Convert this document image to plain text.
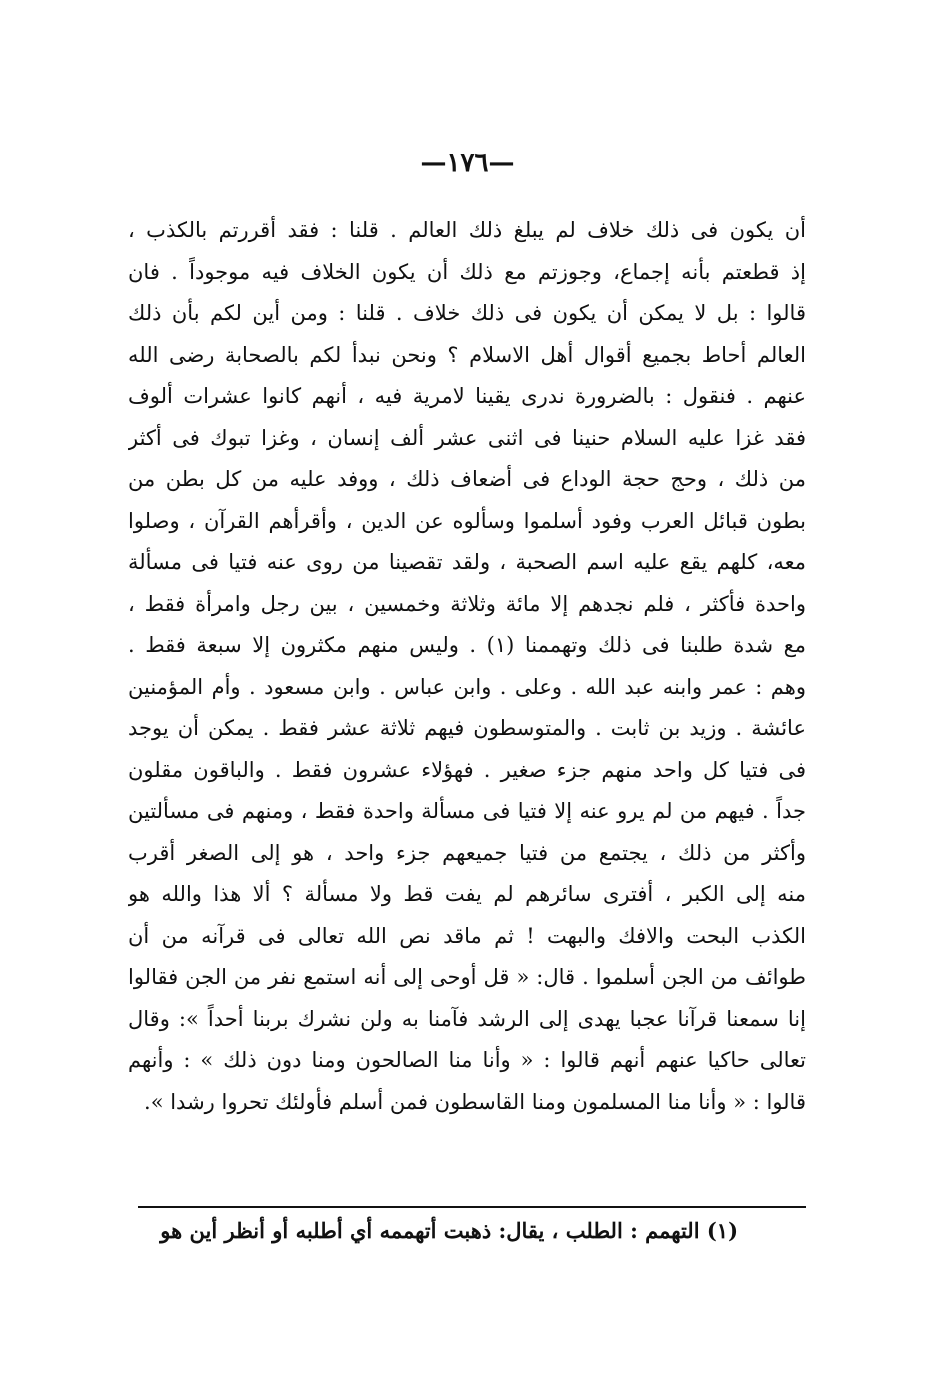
—١٧٦—
أن يكون فى ذلك خلاف لم يبلغ ذلك العالم . قلنا : فقد أقررتم بالكذب ،
إذ قطعتم بأنه إجماع، وجوزتم مع ذلك أن يكون الخلاف فيه موجوداً . فان
قالوا : بل لا يمكن أن يكون فى ذلك خلاف . قلنا : ومن أين لكم بأن ذلك
العالم أحاط بجميع أقوال أهل الاسلام ؟ ونحن نبدأ لكم بالصحابة رضى الله
عنهم . فنقول : بالضرورة ندرى يقينا لامرية فيه ، أنهم كانوا عشرات ألوف
فقد غزا عليه السلام حنينا فى اثنى عشر ألف إنسان ، وغزا تبوك فى أكثر
من ذلك ، وحج حجة الوداع فى أضعاف ذلك ، ووفد عليه من كل بطن من
بطون قبائل العرب وفود أسلموا وسألوه عن الدين ، وأقرأهم القرآن ، وصلوا
معه، كلهم يقع عليه اسم الصحبة ، ولقد تقصينا من روى عنه فتيا فى مسألة
واحدة فأكثر ، فلم نجدهم إلا مائة وثلاثة وخمسين ، بين رجل وامرأة فقط ،
مع شدة طلبنا فى ذلك وتهممنا (١) . وليس منهم مكثرون إلا سبعة فقط .
وهم : عمر وابنه عبد الله . وعلى . وابن عباس . وابن مسعود . وأم المؤمنين
عائشة . وزيد بن ثابت . والمتوسطون فيهم ثلاثة عشر فقط . يمكن أن يوجد
فى فتيا كل واحد منهم جزء صغير . فهؤلاء عشرون فقط . والباقون مقلون
جداً . فيهم من لم يرو عنه إلا فتيا فى مسألة واحدة فقط ، ومنهم فى مسألتين
وأكثر من ذلك ، يجتمع من فتيا جميعهم جزء واحد ، هو إلى الصغر أقرب
منه إلى الكبر ، أفترى سائرهم لم يفت قط ولا مسألة ؟ ألا هذا والله هو
الكذب البحت والافك والبهت ! ثم ماقد نص الله تعالى فى قرآنه من أن
طوائف من الجن أسلموا . قال: « قل أوحى إلى أنه استمع نفر من الجن فقالوا
إنا سمعنا قرآنا عجبا يهدى إلى الرشد فآمنا به ولن نشرك بربنا أحداً »: وقال
تعالى حاكيا عنهم أنهم قالوا : « وأنا منا الصالحون ومنا دون ذلك » : وأنهم
قالوا : « وأنا منا المسلمون ومنا القاسطون فمن أسلم فأولئك تحروا رشدا ».
(١) التهمم : الطلب ، يقال: ذهبت أتهممه أي أطلبه أو أنظر أين هو
